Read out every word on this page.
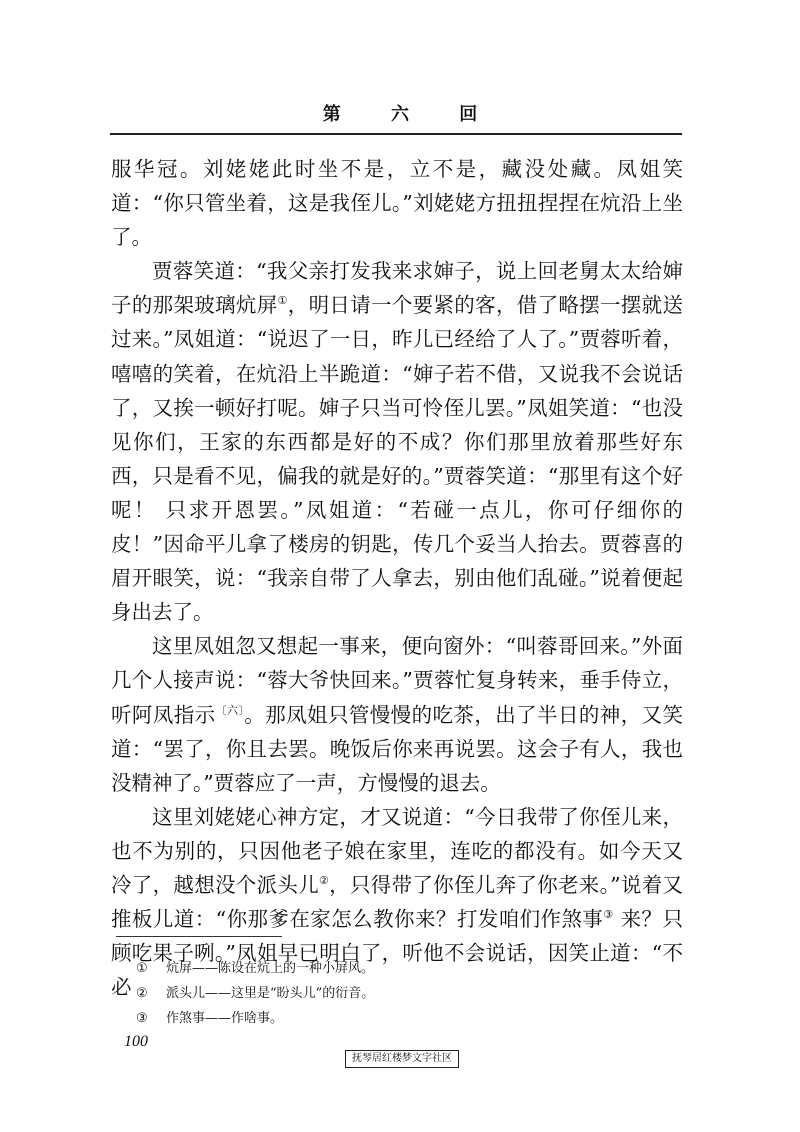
第	六	回

服华冠。刘姥姥此时坐不是，立不是，藏没处藏。凤姐笑道：“你只管坐着，这是我侄儿。”刘姥姥方扭扭捏捏在炕沿上坐了。

贾蓉笑道：“我父亲打发我来求婶子，说上回老舅太太给婶子的那架玻璃炕屏①，明日请一个要紧的客，借了略摆一摆就送过来。”凤姐道：“说迟了一日，昨儿已经给了人了。”贾蓉听着，嘻嘻的笑着，在炕沿上半跪道：“婶子若不借，又说我不会说话了，又挨一顿好打呢。婶子只当可怜侄儿罢。”凤姐笑道：“也没见你们，王家的东西都是好的不成？你们那里放着那些好东西，只是看不见，偏我的就是好的。”贾蓉笑道：“那里有这个好呢！ 只求开恩罢。”凤姐道：“若碰一点儿，你可仔细你的皮！”因命平儿拿了楼房的钥匙，传几个妥当人抬去。贾蓉喜的眉开眼笑，说：“我亲自带了人拿去，别由他们乱碰。”说着便起身出去了。

这里凤姐忽又想起一事来，便向窗外：“叫蓉哥回来。”外面几个人接声说：“蓉大爷快回来。”贾蓉忙复身转来，垂手侍立，听阿凤指示$^{〔六〕}$。那凤姐只管慢慢的吃茶，出了半日的神，又笑道：“罢了，你且去罢。晚饭后你来再说罢。这会子有人，我也没精神了。”贾蓉应了一声，方慢慢的退去。

这里刘姥姥心神方定，才又说道：“今日我带了你侄儿来，也不为别的，只因他老子娘在家里，连吃的都没有。如今天又冷了，越想没个派头儿②，只得带了你侄儿奔了你老来。”说着又推板儿道：“你那爹在家怎么教你来？打发咱们作煞事③ 来？只顾吃果子咧。”凤姐早已明白了，听他不会说话，因笑止道：“不必

①	炕屏——陈设在炕上的一种小屏风。
②	派头儿——这里是“盼头儿”的衍音。
③	作煞事——作啥事。
100
抚琴居红楼梦文字社区
